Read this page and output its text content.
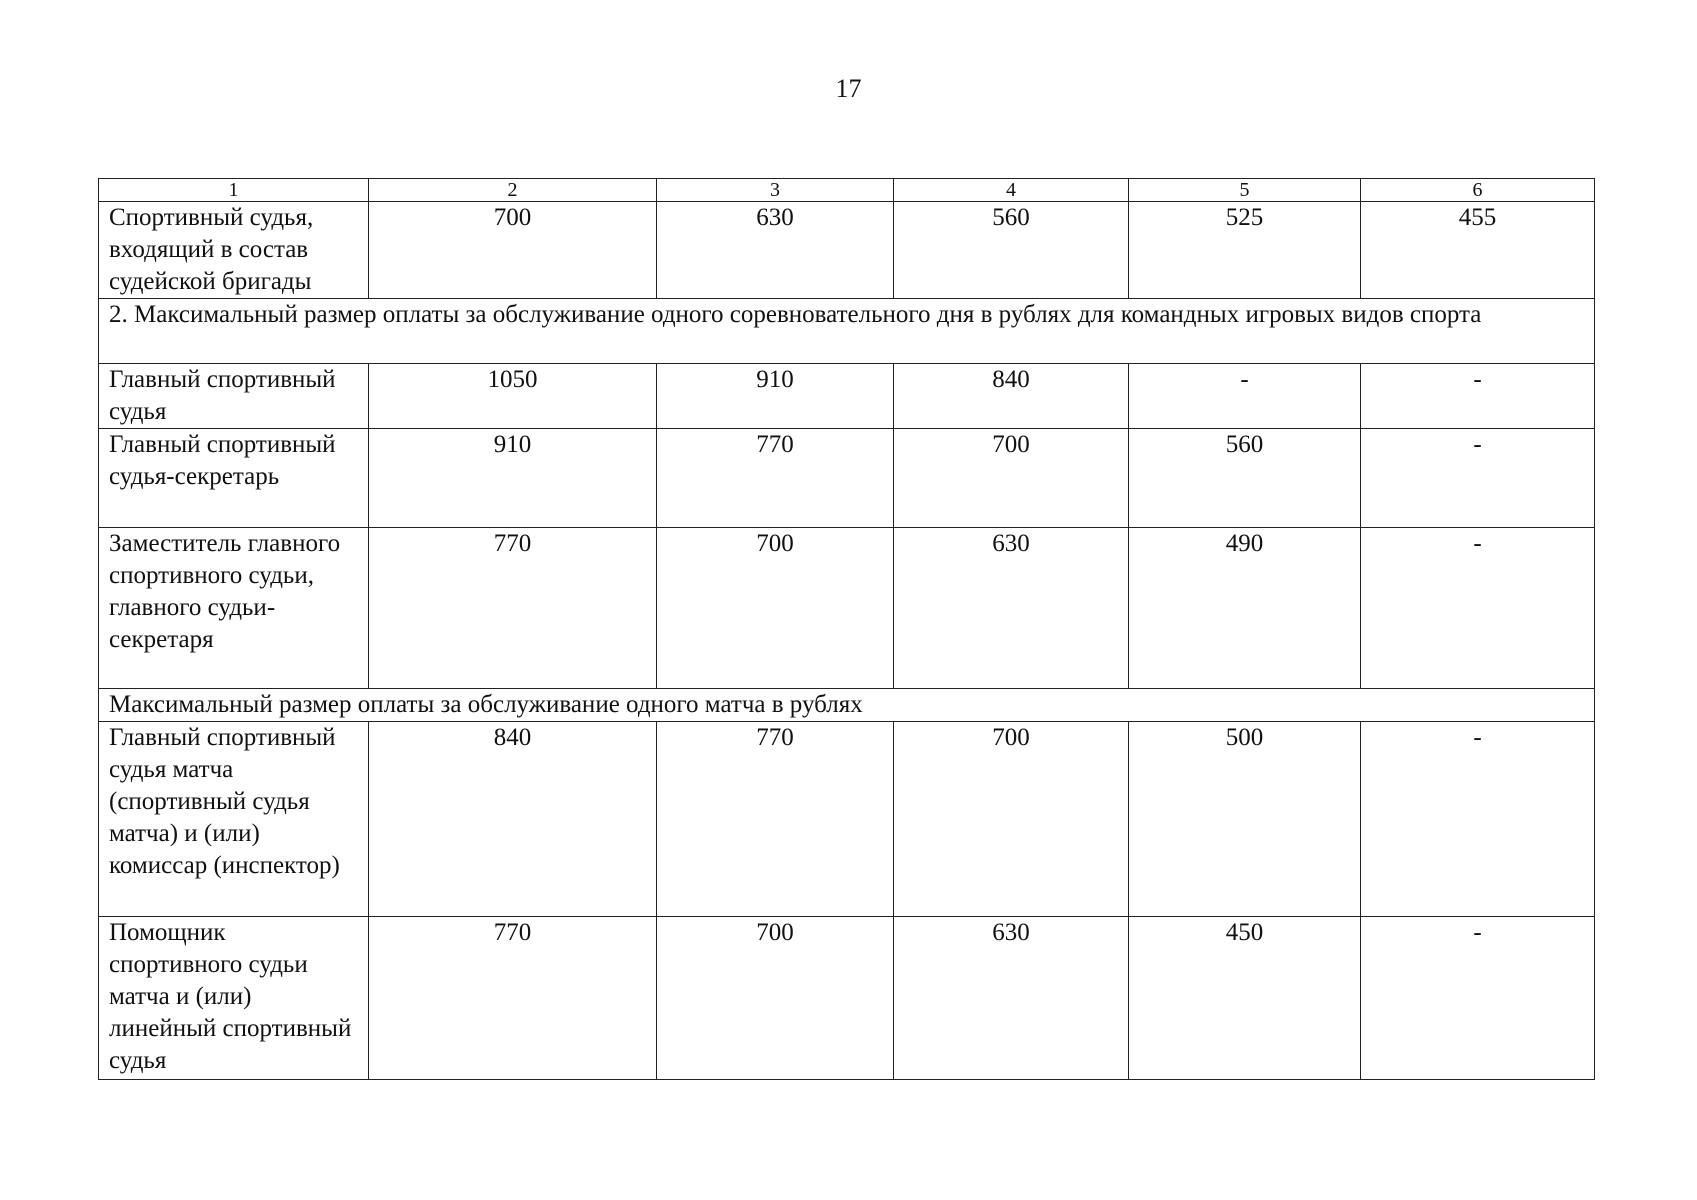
17
1	2	3	4	5	6
Спортивный судья, входящий в состав судейской бригады	700	630	560	525	455
2. Максимальный размер оплаты за обслуживание одного соревновательного дня в рублях для командных игровых видов спорта					
Главный спортивный судья	1050	910	840	-	-
Главный спортивный судья-секретарь	910	770	700	560	-
Заместитель главного спортивного судьи, главного судьи-секретаря	770	700	630	490	-
Максимальный размер оплаты за обслуживание одного матча в рублях					
Главный спортивный судья матча (спортивный судья матча) и (или) комиссар (инспектор)	840	770	700	500	-
Помощник спортивного судьи матча и (или) линейный спортивный судья	770	700	630	450	-
